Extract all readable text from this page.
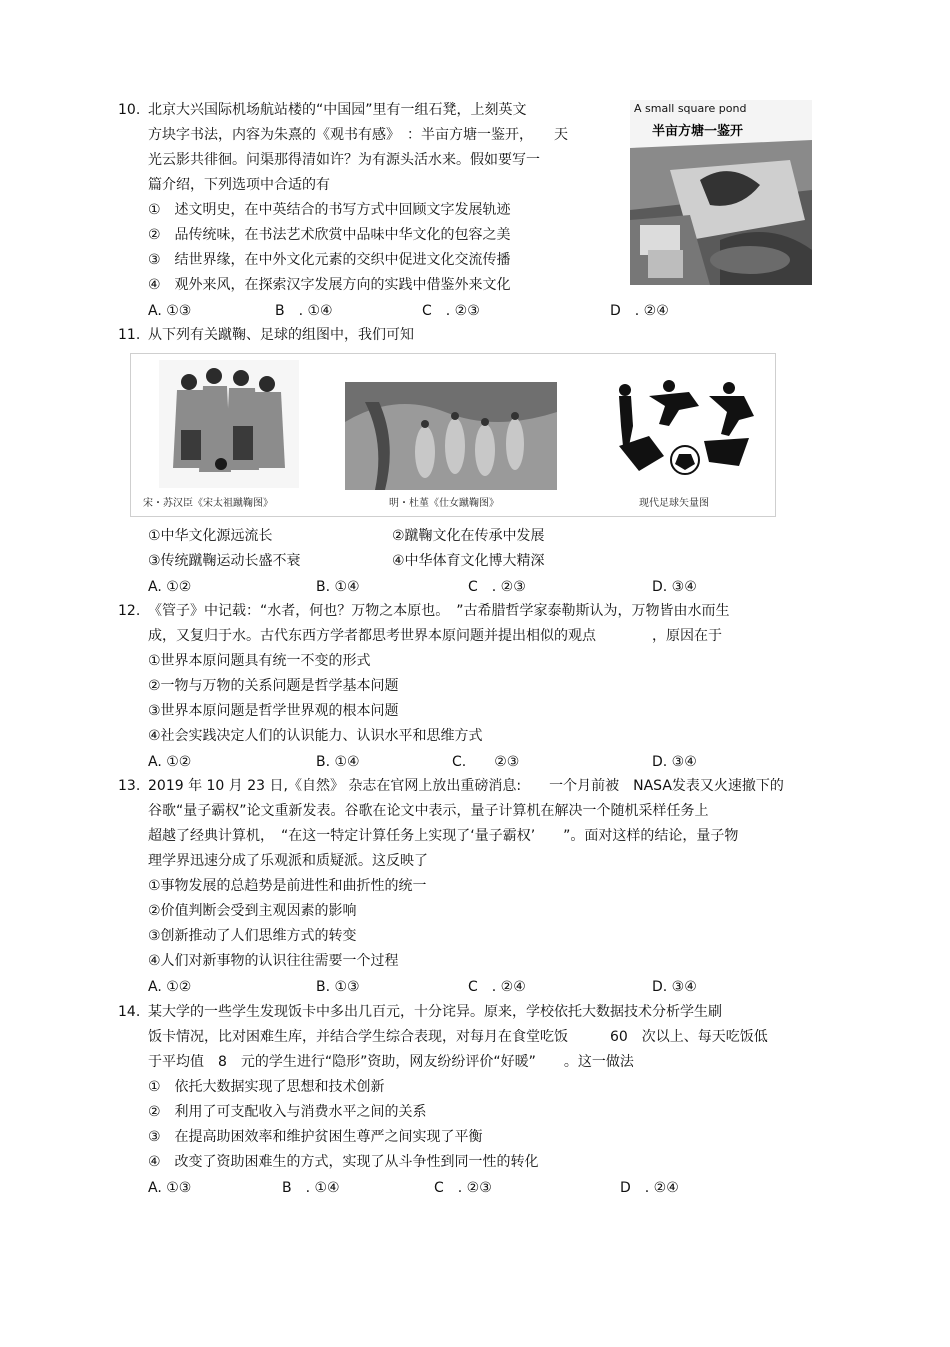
10. 北京大兴国际机场航站楼的“中国园”里有一组石凳，上刻英文
方块字书法，内容为朱熹的《观书有感》　：半亩方塘一鉴开，　　天
光云影共徘徊。问渠那得清如许？为有源头活水来。假如要写一
篇介绍，下列选项中合适的有
①　述文明史，在中英结合的书写方式中回顾文字发展轨迹
②　品传统味，在书法艺术欣赏中品味中华文化的包容之美
③　结世界缘，在中外文化元素的交织中促进文化交流传播
④　观外来风，在探索汉字发展方向的实践中借鉴外来文化
A. ①③	B　. ①④	C　. ②③	D　. ②④
A small square pond
半亩方塘一鉴开
11. 从下列有关蹴鞠、足球的组图中，我们可知
宋・苏汉臣《宋太祖蹴鞠图》	明・杜堇《仕女蹴鞠图》	现代足球矢量图
①中华文化源远流长	②蹴鞠文化在传承中发展
③传统蹴鞠运动长盛不衰	④中华体育文化博大精深
A. ①②	B. ①④	C　. ②③	D. ③④
12. 《管子》中记载：“水者，何也？万物之本原也。　”古希腊哲学家泰勒斯认为，万物皆由水而生
成，又复归于水。古代东西方学者都思考世界本原问题并提出相似的观点　　　　，原因在于
①世界本原问题具有统一不变的形式
②一物与万物的关系问题是哲学基本问题
③世界本原问题是哲学世界观的根本问题
④社会实践决定人们的认识能力、认识水平和思维方式
A. ①②	B. ①④	C.　　②③	D. ③④
13. 2019 年 10 月 23 日,《自然》 杂志在官网上放出重磅消息:　　一个月前被　NASA发表又火速撤下的
谷歌“量子霸权”论文重新发表。谷歌在论文中表示，量子计算机在解决一个随机采样任务上
超越了经典计算机，　“在这一特定计算任务上实现了‘量子霸权’　　”。面对这样的结论，量子物
理学界迅速分成了乐观派和质疑派。这反映了
①事物发展的总趋势是前进性和曲折性的统一
②价值判断会受到主观因素的影响
③创新推动了人们思维方式的转变
④人们对新事物的认识往往需要一个过程
A. ①②	B. ①③	C　. ②④	D. ③④
14. 某大学的一些学生发现饭卡中多出几百元，十分诧异。原来，学校依托大数据技术分析学生刷
饭卡情况，比对困难生库，并结合学生综合表现，对每月在食堂吃饭　　　60　次以上、每天吃饭低
于平均值　8　元的学生进行“隐形”资助，网友纷纷评价“好暖”　　。这一做法
①　依托大数据实现了思想和技术创新
②　利用了可支配收入与消费水平之间的关系
③　在提高助困效率和维护贫困生尊严之间实现了平衡
④　改变了资助困难生的方式，实现了从斗争性到同一性的转化
A. ①③	B　. ①④	C　. ②③	D　. ②④
